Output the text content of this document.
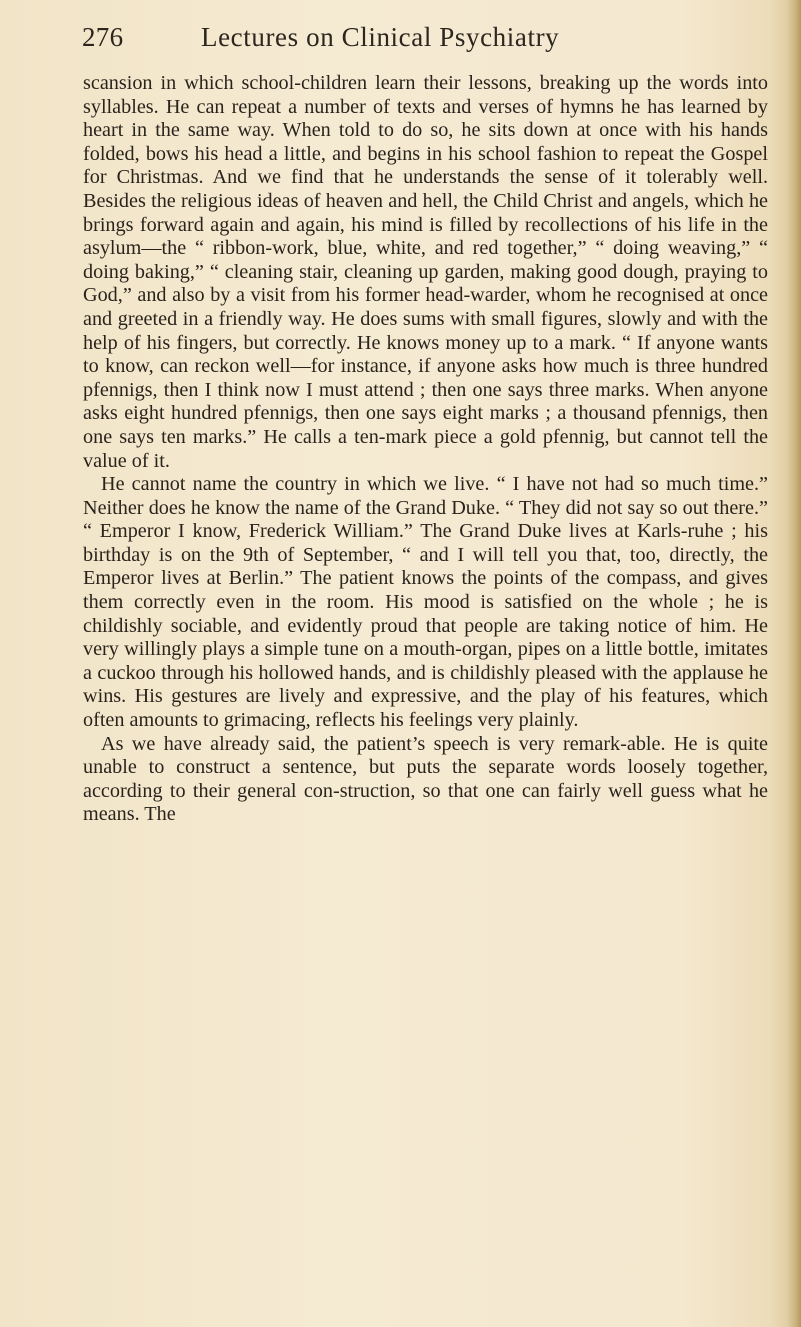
276	Lectures on Clinical Psychiatry

scansion in which school-children learn their lessons, breaking up the words into syllables. He can repeat a number of texts and verses of hymns he has learned by heart in the same way. When told to do so, he sits down at once with his hands folded, bows his head a little, and begins in his school fashion to repeat the Gospel for Christmas. And we find that he understands the sense of it tolerably well. Besides the religious ideas of heaven and hell, the Child Christ and angels, which he brings forward again and again, his mind is filled by recollections of his life in the asylum—the “ ribbon-work, blue, white, and red together,” “ doing weaving,” “ doing baking,” “ cleaning stair, cleaning up garden, making good dough, praying to God,” and also by a visit from his former head-warder, whom he recognised at once and greeted in a friendly way. He does sums with small figures, slowly and with the help of his fingers, but correctly. He knows money up to a mark. “ If anyone wants to know, can reckon well—for instance, if anyone asks how much is three hundred pfennigs, then I think now I must attend ; then one says three marks. When anyone asks eight hundred pfennigs, then one says eight marks ; a thousand pfennigs, then one says ten marks.” He calls a ten-mark piece a gold pfennig, but cannot tell the value of it.

He cannot name the country in which we live. “ I have not had so much time.” Neither does he know the name of the Grand Duke. “ They did not say so out there.” “ Emperor I know, Frederick William.” The Grand Duke lives at Karls-ruhe ; his birthday is on the 9th of September, “ and I will tell you that, too, directly, the Emperor lives at Berlin.” The patient knows the points of the compass, and gives them correctly even in the room. His mood is satisfied on the whole ; he is childishly sociable, and evidently proud that people are taking notice of him. He very willingly plays a simple tune on a mouth-organ, pipes on a little bottle, imitates a cuckoo through his hollowed hands, and is childishly pleased with the applause he wins. His gestures are lively and expressive, and the play of his features, which often amounts to grimacing, reflects his feelings very plainly.

As we have already said, the patient’s speech is very remark-able. He is quite unable to construct a sentence, but puts the separate words loosely together, according to their general con-struction, so that one can fairly well guess what he means. The
